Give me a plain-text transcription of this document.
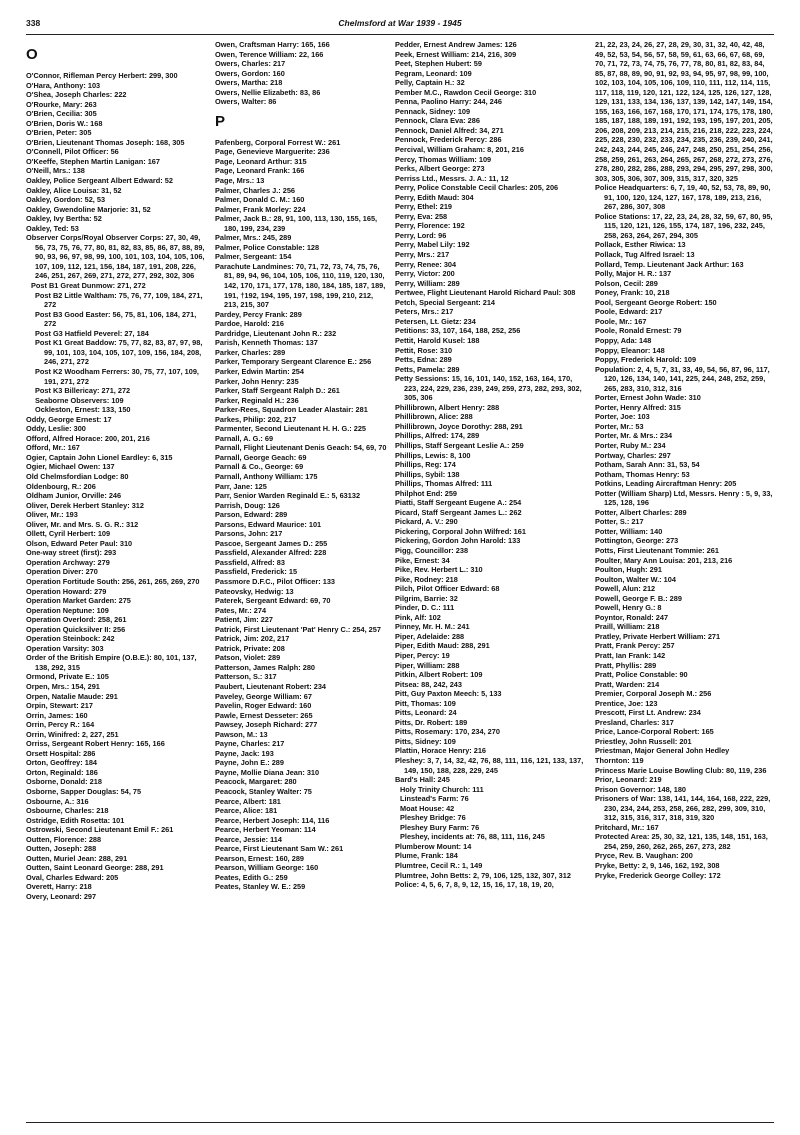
338	Chelmsford at War 1939 - 1945
O
O'Connor, Rifleman Percy Herbert: 299, 300
O'Hara, Anthony: 103
O'Shea, Joseph Charles: 222
O'Rourke, Mary: 263
O'Brien, Cecilia: 305
O'Brien, Doris W.: 168
O'Brien, Peter: 305
O'Brien, Lieutenant Thomas Joseph: 168, 305
O'Connell, Pilot Officer: 56
O'Keeffe, Stephen Martin Lanigan: 167
O'Neill, Mrs.: 138
Oakley, Police Sergeant Albert Edward: 52
Oakley, Alice Louisa: 31, 52
Oakley, Gordon: 52, 53
Oakley, Gwendoline Marjorie: 31, 52
Oakley, Ivy Bertha: 52
Oakley, Ted: 53
Observer Corps/Royal Observer Corps: 27, 30, 49, 56, 73, 75, 76, 77, 80, 81, 82, 83, 85, 86, 87, 88, 89, 90, 93, 96, 97, 98, 99, 100, 101, 103, 104, 105, 106, 107, 109, 112, 121, 156, 184, 187, 191, 208, 226, 246, 251, 267, 269, 271, 272, 277, 292, 302, 306
Post B1 Great Dunmow: 271, 272
Post B2 Little Waltham: 75, 76, 77, 109, 184, 271, 272
Post B3 Good Easter: 56, 75, 81, 106, 184, 271, 272
Post G3 Hatfield Peverel: 27, 184
Post K1 Great Baddow: 75, 77, 82, 83, 87, 97, 98, 99, 101, 103, 104, 105, 107, 109, 156, 184, 208, 246, 271, 272
Post K2 Woodham Ferrers: 30, 75, 77, 107, 109, 191, 271, 272
Post K3 Billericay: 271, 272
Seaborne Observers: 109
Ockleston, Ernest: 133, 150
Oddy, George Ernest: 17
Oddy, Leslie: 300
Offord, Alfred Horace: 200, 201, 216
Offord, Mr.: 167
Ogier, Captain John Lionel Eardley: 6, 315
Ogier, Michael Owen: 137
Old Chelmsfordian Lodge: 80
Oldenbourg, R.: 206
Oldham Junior, Orville: 246
Oliver, Derek Herbert Stanley: 312
Oliver, Mr.: 193
Oliver, Mr. and Mrs. S. G. R.: 312
Ollett, Cyril Herbert: 109
Olson, Edward Peter Paul: 310
One-way street (first): 293
Operation Archway: 279
Operation Diver: 270
Operation Fortitude South: 256, 261, 265, 269, 270
Operation Howard: 279
Operation Market Garden: 275
Operation Neptune: 109
Operation Overlord: 258, 261
Operation Quicksilver II: 256
Operation Steinbock: 242
Operation Varsity: 303
Order of the British Empire (O.B.E.): 80, 101, 137, 138, 292, 315
Ormond, Private E.: 105
Orpen, Mrs.: 154, 291
Orpen, Natalie Maude: 291
Orpin, Stewart: 217
Orrin, James: 160
Orrin, Percy R.: 164
Orrin, Winifred: 2, 227, 251
Orriss, Sergeant Robert Henry: 165, 166
Orsett Hospital: 286
Orton, Geoffrey: 184
Orton, Reginald: 186
Osborne, Donald: 218
Osborne, Sapper Douglas: 54, 75
Osbourne, A.: 316
Osbourne, Charles: 218
Ostridge, Edith Rosetta: 101
Ostrowski, Second Lieutenant Emil F.: 261
Outten, Florence: 288
Outten, Joseph: 288
Outten, Muriel Jean: 288, 291
Outten, Saint Leonard George: 288, 291
Oval, Charles Edward: 205
Overett, Harry: 218
Overy, Leonard: 297
Owen, Craftsman Harry: 165, 166
Owen, Terence William: 22, 166
Owers, Charles: 217
Owers, Gordon: 160
Owers, Martha: 218
Owers, Nellie Elizabeth: 83, 86
Owers, Walter: 86
P
Pafenberg, Corporal Forrest W.: 261
Page, Genevieve Marguerite: 236
Page, Leonard Arthur: 315
Page, Leonard Frank: 166
Page, Mrs.: 13
Palmer, Charles J.: 256
Palmer, Donald C. M.: 160
Palmer, Frank Morley: 224
Palmer, Jack B.: 28, 91, 100, 113, 130, 155, 165, 180, 199, 234, 239
Palmer, Mrs.: 245, 289
Palmer, Police Constable: 128
Palmer, Sergeant: 154
Parachute Landmines: 70, 71, 72, 73, 74, 75, 76, 81, 89, 94, 96, 104, 105, 106, 110, 119, 120, 130, 142, 170, 171, 177, 178, 180, 184, 185, 187, 189, 191, †192, 194, 195, 197, 198, 199, 210, 212, 213, 215, 307
Pardey, Percy Frank: 289
Pardoe, Harold: 216
Pardridge, Lieutenant John R.: 232
Parish, Kenneth Thomas: 137
Parker, Charles: 289
Parker, Temporary Sergeant Clarence E.: 256
Parker, Edwin Martin: 254
Parker, John Henry: 235
Parker, Staff Sergeant Ralph D.: 261
Parker, Reginald H.: 236
Parker-Rees, Squadron Leader Alastair: 281
Parkes, Philip: 202, 217
Parmenter, Second Lieutenant H. H. G.: 225
Parnall, A. G.: 69
Parnall, Flight Lieutenant Denis Geach: 54, 69, 70
Parnall, George Geach: 69
Parnall & Co., George: 69
Parnall, Anthony William: 175
Parr, Jane: 125
Parr, Senior Warden Reginald E.: 5, 63132
Parrish, Doug: 126
Parson, Edward: 289
Parsons, Edward Maurice: 101
Parsons, John: 217
Pascoe, Sergeant James D.: 255
Passfield, Alexander Alfred: 228
Passfield, Alfred: 83
Passfield, Frederick: 15
Passmore D.F.C., Pilot Officer: 133
Pateovsky, Hedwig: 13
Paterek, Sergeant Edward: 69, 70
Pates, Mr.: 274
Patient, Jim: 227
Patrick, First Lieutenant 'Pat' Henry C.: 254, 257
Patrick, Jim: 202, 217
Patrick, Private: 208
Patson, Violet: 289
Patterson, James Ralph: 280
Patterson, S.: 317
Paubert, Lieutenant Robert: 234
Paveley, George William: 67
Pavelin, Roger Edward: 160
Pawle, Ernest Desseter: 265
Pawsey, Joseph Richard: 277
Pawson, M.: 13
Payne, Charles: 217
Payne, Jack: 193
Payne, John E.: 289
Payne, Mollie Diana Jean: 310
Peacock, Margaret: 280
Peacock, Stanley Walter: 75
Pearce, Albert: 181
Pearce, Alice: 181
Pearce, Herbert Joseph: 114, 116
Pearce, Herbert Yeoman: 114
Pearce, Jessie: 114
Pearce, First Lieutenant Sam W.: 261
Pearson, Ernest: 160, 289
Pearson, William George: 160
Peates, Edith G.: 259
Peates, Stanley W. E.: 259
Pedder, Ernest Andrew James: 126
Peek, Ernest William: 214, 216, 309
Peet, Stephen Hubert: 59
Pegram, Leonard: 109
Pelly, Captain H.: 32
Pember M.C., Rawdon Cecil George: 310
Penna, Paolino Harry: 244, 246
Pennack, Sidney: 109
Pennock, Clara Eva: 286
Pennock, Daniel Alfred: 34, 271
Pennock, Frederick Percy: 286
Percival, William Graham: 8, 201, 216
Percy, Thomas William: 109
Perks, Albert George: 273
Perriss Ltd., Messrs. J. A.: 11, 12
Perry, Police Constable Cecil Charles: 205, 206
Perry, Edith Maud: 304
Perry, Ethel: 219
Perry, Eva: 258
Perry, Florence: 192
Perry, Lord: 96
Perry, Mabel Lily: 192
Perry, Mrs.: 217
Perry, Renee: 304
Perry, Victor: 200
Perry, William: 289
Pertwee, Flight Lieutenant Harold Richard Paul: 308
Petch, Special Sergeant: 214
Peters, Mrs.: 217
Petersen, Lt. Gietz: 234
Petitions: 33, 107, 164, 188, 252, 256
Pettit, Harold Kusel: 188
Pettit, Rose: 310
Petts, Edna: 289
Petts, Pamela: 289
Petty Sessions: 15, 16, 101, 140, 152, 163, 164, 170, 223, 224, 229, 236, 239, 249, 259, 273, 282, 293, 302, 305, 306
Phillibrown, Albert Henry: 288
Phillibrown, Alice: 288
Phillibrown, Joyce Dorothy: 288, 291
Phillips, Alfred: 174, 289
Phillips, Staff Sergeant Leslie A.: 259
Phillips, Lewis: 8, 100
Phillips, Reg: 174
Phillips, Sybil: 138
Phillips, Thomas Alfred: 111
Philphot End: 259
Piatti, Staff Sergeant Eugene A.: 254
Picard, Staff Sergeant James L.: 262
Pickard, A. V.: 290
Pickering, Corporal John Wilfred: 161
Pickering, Gordon John Harold: 133
Pigg, Councillor: 238
Pike, Ernest: 34
Pike, Rev. Herbert L.: 310
Pike, Rodney: 218
Pilch, Pilot Officer Edward: 68
Pilgrim, Barrie: 32
Pinder, D. C.: 111
Pink, Alf: 102
Pinney, Mr. H. M.: 241
Piper, Adelaide: 288
Piper, Edith Maud: 288, 291
Piper, Percy: 19
Piper, William: 288
Pitkin, Albert Robert: 109
Pitsea: 88, 242, 243
Pitt, Guy Paxton Meech: 5, 133
Pitt, Thomas: 109
Pitts, Leonard: 24
Pitts, Dr. Robert: 189
Pitts, Rosemary: 170, 234, 270
Pitts, Sidney: 109
Plattin, Horace Henry: 216
Pleshey: 3, 7, 14, 32, 42, 76, 88, 111, 116, 121, 133, 137, 149, 150, 188, 228, 229, 245
Bard's Hall: 245
Holy Trinity Church: 111
Linstead's Farm: 76
Moat House: 42
Pleshey Bridge: 76
Pleshey Bury Farm: 76
Pleshey, incidents at: 76, 88, 111, 116, 245
Plumberow Mount: 14
Plume, Frank: 184
Plumtree, Cecil R.: 1, 149
Plumtree, John Betts: 2, 79, 106, 125, 132, 307, 312
Police: 4, 5, 6, 7, 8, 9, 12, 15, 16, 17, 18, 19, 20,
21, 22, 23, 24, 26, 27, 28, 29, 30, 31, 32, 40, 42, 48, 49, 52, 53, 54, 56, 57, 58, 59, 61, 63, 66, 67, 68, 69, 70, 71, 72, 73, 74, 75, 76, 77, 78, 80, 81, 82, 83, 84, 85, 87, 88, 89, 90, 91, 92, 93, 94, 95, 97, 98, 99, 100, 102, 103, 104, 105, 106, 109, 110, 111, 112, 114, 115, 117, 118, 119, 120, 121, 122, 124, 125, 126, 127, 128, 129, 131, 133, 134, 136, 137, 139, 142, 147, 149, 154, 155, 163, 166, 167, 168, 170, 171, 174, 175, 178, 180, 185, 187, 188, 189, 191, 192, 193, 195, 197, 201, 205, 206, 208, 209, 213, 214, 215, 216, 218, 222, 223, 224, 225, 228, 230, 232, 233, 234, 235, 236, 239, 240, 241, 242, 243, 244, 245, 246, 247, 248, 250, 251, 254, 256, 258, 259, 261, 263, 264, 265, 267, 268, 272, 273, 276, 278, 280, 282, 286, 288, 293, 294, 295, 297, 298, 300, 303, 305, 306, 307, 309, 315, 317, 320, 325
Police Headquarters: 6, 7, 19, 40, 52, 53, 78, 89, 90, 91, 100, 120, 124, 127, 167, 178, 189, 213, 216, 267, 286, 307, 308
Police Stations: 17, 22, 23, 24, 28, 32, 59, 67, 80, 95, 115, 120, 121, 126, 155, 174, 187, 196, 232, 245, 258, 263, 264, 267, 294, 305
Pollack, Esther Riwica: 13
Pollack, Tug Alfred Israel: 13
Pollard, Temp. Lieutenant Jack Arthur: 163
Polly, Major H. R.: 137
Polson, Cecil: 289
Poney, Frank: 10, 218
Pool, Sergeant George Robert: 150
Poole, Edward: 217
Poole, Mr.: 167
Poole, Ronald Ernest: 79
Poppy, Ada: 148
Poppy, Eleanor: 148
Poppy, Frederick Harold: 109
Population: 2, 4, 5, 7, 31, 33, 49, 54, 56, 87, 96, 117, 120, 126, 134, 140, 141, 225, 244, 248, 252, 259, 265, 283, 310, 312, 316
Porter, Ernest John Wade: 310
Porter, Henry Alfred: 315
Porter, Joe: 103
Porter, Mr.: 53
Porter, Mr. & Mrs.: 234
Porter, Ruby M.: 234
Portway, Charles: 297
Potham, Sarah Ann: 31, 53, 54
Potham, Thomas Henry: 53
Potkins, Leading Aircraftman Henry: 205
Potter (William Sharp) Ltd, Messrs. Henry : 5, 9, 33, 125, 128, 196
Potter, Albert Charles: 289
Potter, S.: 217
Potter, William: 140
Pottington, George: 273
Potts, First Lieutenant Tommie: 261
Poulter, Mary Ann Louisa: 201, 213, 216
Poulton, Hugh: 291
Poulton, Walter W.: 104
Powell, Alun: 212
Powell, George F. B.: 289
Powell, Henry G.: 8
Poyntor, Ronald: 247
Praill, William: 218
Pratley, Private Herbert William: 271
Pratt, Frank Percy: 257
Pratt, Ian Frank: 142
Pratt, Phyllis: 289
Pratt, Police Constable: 90
Pratt, Warden: 214
Premier, Corporal Joseph M.: 256
Prentice, Joe: 123
Prescott, First Lt. Andrew: 234
Presland, Charles: 317
Price, Lance-Corporal Robert: 165
Priestley, John Russell: 201
Priestman, Major General John Hedley
Thornton: 119
Princess Marie Louise Bowling Club: 80, 119, 236
Prior, Leonard: 219
Prison Governor: 148, 180
Prisoners of War: 138, 141, 144, 164, 168, 222, 229, 230, 234, 244, 253, 258, 266, 282, 299, 309, 310, 312, 315, 316, 317, 318, 319, 320
Pritchard, Mr.: 167
Protected Area: 25, 30, 32, 121, 135, 148, 151, 163, 254, 259, 260, 262, 265, 267, 273, 282
Pryce, Rev. B. Vaughan: 200
Pryke, Betty: 2, 9, 146, 162, 192, 308
Pryke, Frederick George Colley: 172
